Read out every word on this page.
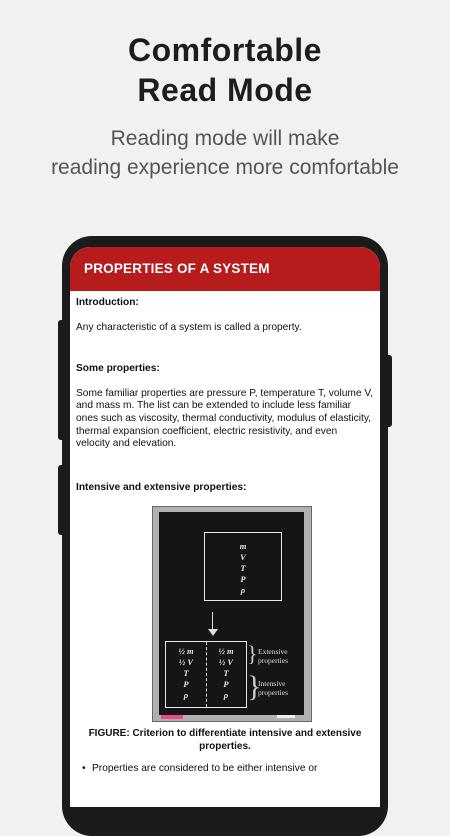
Comfortable
Read Mode
Reading mode will make
reading experience more comfortable
PROPERTIES OF A SYSTEM

Introduction:

Any characteristic of a system is called a property.

Some properties:

Some familiar properties are pressure P, temperature T, volume V, and mass m. The list can be extended to include less familiar ones such as viscosity, thermal conductivity, modulus of elasticity, thermal expansion coefficient, electric resistivity, and even velocity and elevation.

Intensive and extensive properties:

m
V
T
P
ρ
½ m
½ V
T
P
ρ
½ m
½ V
T
P
ρ
} Extensive properties
}
Intensive properties

FIGURE: Criterion to differentiate intensive and extensive properties.

• Properties are considered to be either intensive or
